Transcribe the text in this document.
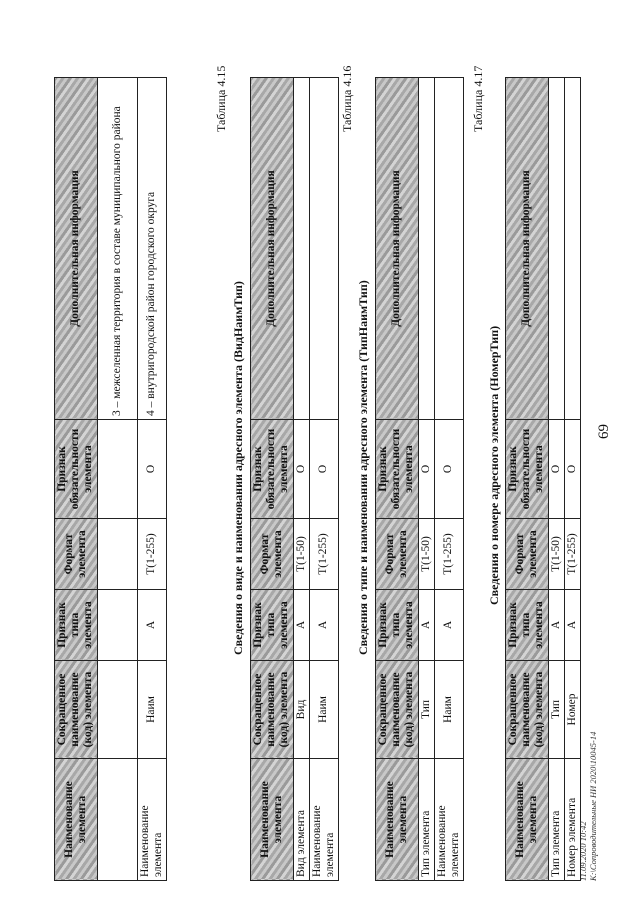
69
Наименование элемента	Сокращенное наименование (код) элемента	Признак типа элемента	Формат элемента	Признак обязательности элемента	Дополнительная информация
					3 – межселенная территория в составе муниципального района
Наименование элемента	Наим	А	T(1-255)	О	4 – внутригородской район городского округа
Таблица 4.15
Сведения о виде и наименовании адресного элемента (ВидНаимТип)
Наименование элемента	Сокращенное наименование (код) элемента	Признак типа элемента	Формат элемента	Признак обязательности элемента	Дополнительная информация
Вид элемента	Вид	А	T(1-50)	О	
Наименование элемента	Наим	А	T(1-255)	О	
Таблица 4.16
Сведения о типе и наименовании адресного элемента (ТипНаимТип)
Наименование элемента	Сокращенное наименование (код) элемента	Признак типа элемента	Формат элемента	Признак обязательности элемента	Дополнительная информация
Тип элемента	Тип	А	T(1-50)	О	
Наименование элемента	Наим	А	T(1-255)	О	
Таблица 4.17
Сведения о номере адресного элемента (НомерТип)
Наименование элемента	Сокращенное наименование (код) элемента	Признак типа элемента	Формат элемента	Признак обязательности элемента	Дополнительная информация
Тип элемента	Тип	А	T(1-50)	О	
Номер элемента	Номер	А	T(1-255)	О	
11.09.2020 10:42 К:\Сопроводительные НИ 2020\10045-14
